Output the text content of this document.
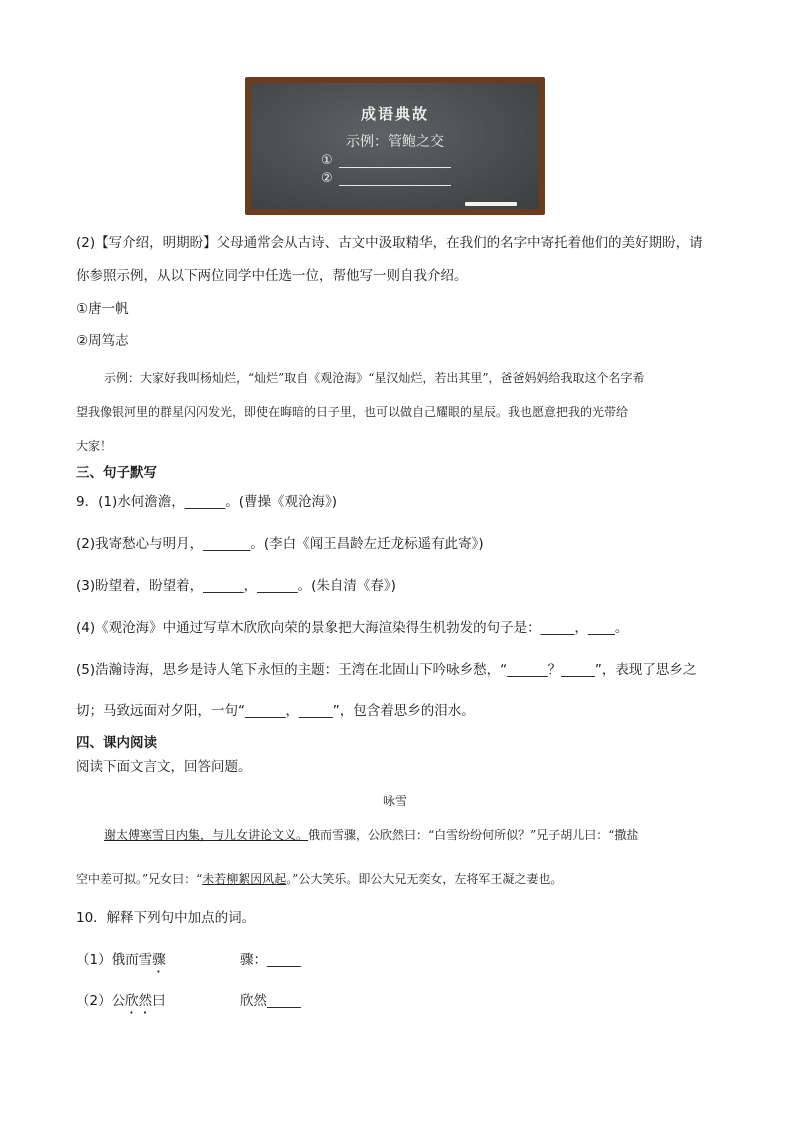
成语典故
示例：管鲍之交
①
②
(2)【写介绍，明期盼】父母通常会从古诗、古文中汲取精华，在我们的名字中寄托着他们的美好期盼，请
你参照示例，从以下两位同学中任选一位，帮他写一则自我介绍。
①唐一帆
②周笃志
示例：大家好我叫杨灿烂，“灿烂”取自《观沧海》“星汉灿烂，若出其里”，爸爸妈妈给我取这个名字希
望我像银河里的群星闪闪发光，即使在晦暗的日子里，也可以做自己耀眼的星辰。我也愿意把我的光带给
大家！
三、句子默写
9．(1)水何澹澹，______。(曹操《观沧海》)
(2)我寄愁心与明月，_______。(李白《闻王昌龄左迁龙标遥有此寄》)
(3)盼望着，盼望着，______，______。(朱自清《春》)
(4)《观沧海》中通过写草木欣欣向荣的景象把大海渲染得生机勃发的句子是：_____，____。
(5)浩瀚诗海，思乡是诗人笔下永恒的主题：王湾在北固山下吟咏乡愁，“______？_____”，表现了思乡之
切；马致远面对夕阳，一句“______，_____”，包含着思乡的泪水。
四、课内阅读
阅读下面文言文，回答问题。
咏雪
谢太傅寒雪日内集，与儿女讲论文义。俄而雪骤，公欣然曰：“白雪纷纷何所似？”兄子胡儿曰：“撒盐
空中差可拟。”兄女曰：“未若柳絮因风起。”公大笑乐。即公大兄无奕女，左将军王凝之妻也。
10．解释下列句中加点的词。
（1）俄而雪骤	骤：_____
（2）公欣然曰	欣然_____
